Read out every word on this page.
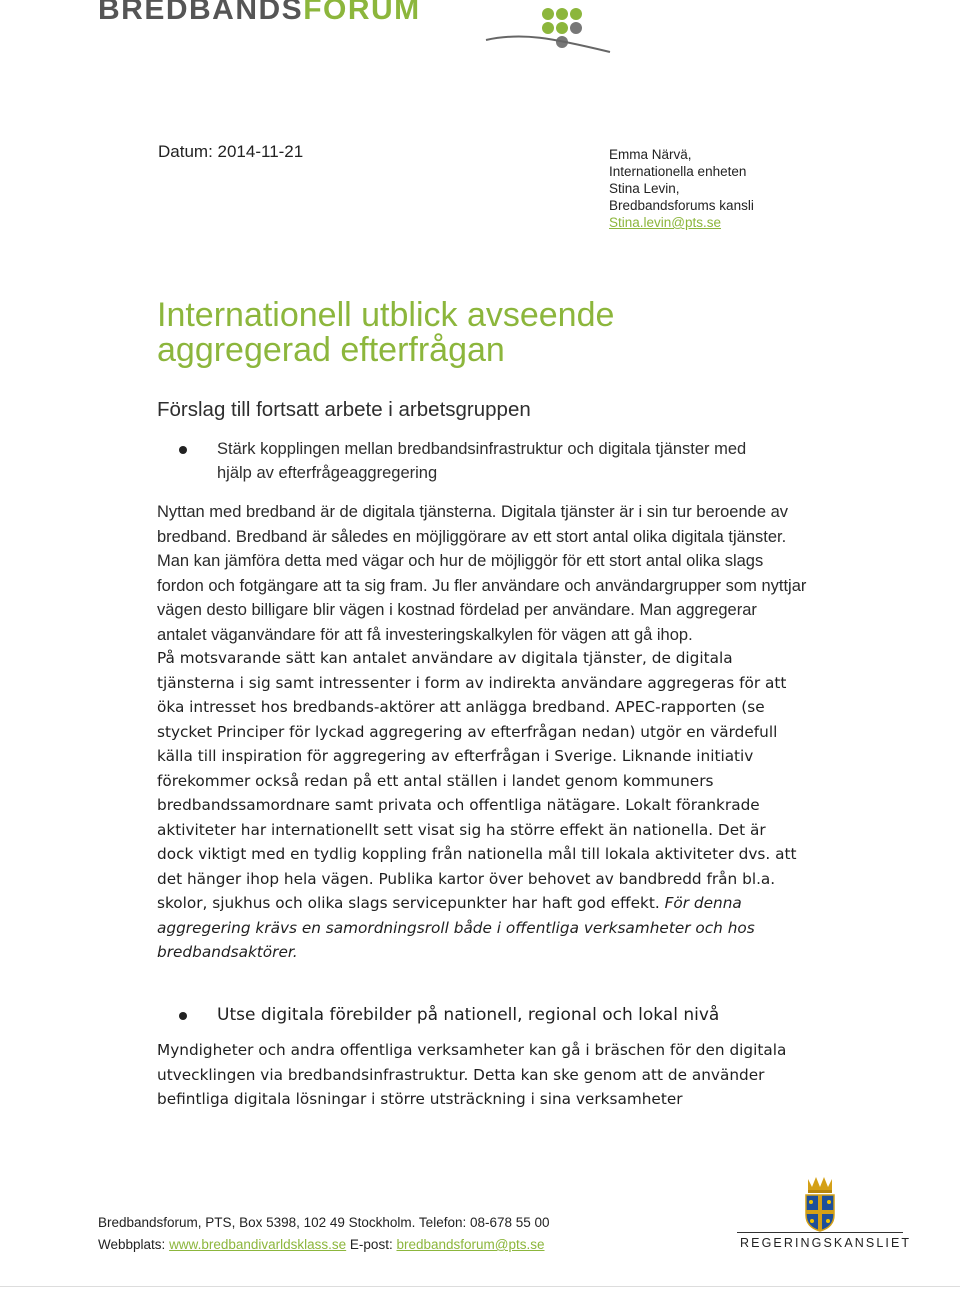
BREDBANDS FORUM
Datum: 2014-11-21	Emma Närvä,
Internationella enheten
Stina Levin,
Bredbandsforums kansli
Stina.levin@pts.se
Internationell utblick avseende
aggregerad efterfrågan
Förslag till fortsatt arbete i arbetsgruppen
Stärk kopplingen mellan bredbandsinfrastruktur och digitala tjänster med hjälp av efterfrågeaggregering
Nyttan med bredband är de digitala tjänsterna. Digitala tjänster är i sin tur beroende av bredband. Bredband är således en möjliggörare av ett stort antal olika digitala tjänster. Man kan jämföra detta med vägar och hur de möjliggör för ett stort antal olika slags fordon och fotgängare att ta sig fram. Ju fler användare och användargrupper som nyttjar vägen desto billigare blir vägen i kostnad fördelad per användare. Man aggregerar antalet väganvändare för att få investeringskalkylen för vägen att gå ihop.
På motsvarande sätt kan antalet användare av digitala tjänster, de digitala tjänsterna i sig samt intressenter i form av indirekta användare aggregeras för att öka intresset hos bredbands-aktörer att anlägga bredband. APEC-rapporten (se stycket Principer för lyckad aggregering av efterfrågan nedan) utgör en värdefull källa till inspiration för aggregering av efterfrågan i Sverige. Liknande initiativ förekommer också redan på ett antal ställen i landet genom kommuners bredbandssamordnare samt privata och offentliga nätägare. Lokalt förankrade aktiviteter har internationellt sett visat sig ha större effekt än nationella. Det är dock viktigt med en tydlig koppling från nationella mål till lokala aktiviteter dvs. att det hänger ihop hela vägen. Publika kartor över behovet av bandbredd från bl.a. skolor, sjukhus och olika slags servicepunkter har haft god effekt. För denna aggregering krävs en samordningsroll både i offentliga verksamheter och hos bredbandsaktörer.
Utse digitala förebilder på nationell, regional och lokal nivå
Myndigheter och andra offentliga verksamheter kan gå i bräschen för den digitala utvecklingen via bredbandsinfrastruktur. Detta kan ske genom att de använder befintliga digitala lösningar i större utsträckning i sina verksamheter
Bredbandsforum, PTS, Box 5398, 102 49 Stockholm. Telefon: 08-678 55 00
Webbplats: www.bredbandivarldsklass.se E-post: bredbandsforum@pts.se	REGERINGSKANSLIET
